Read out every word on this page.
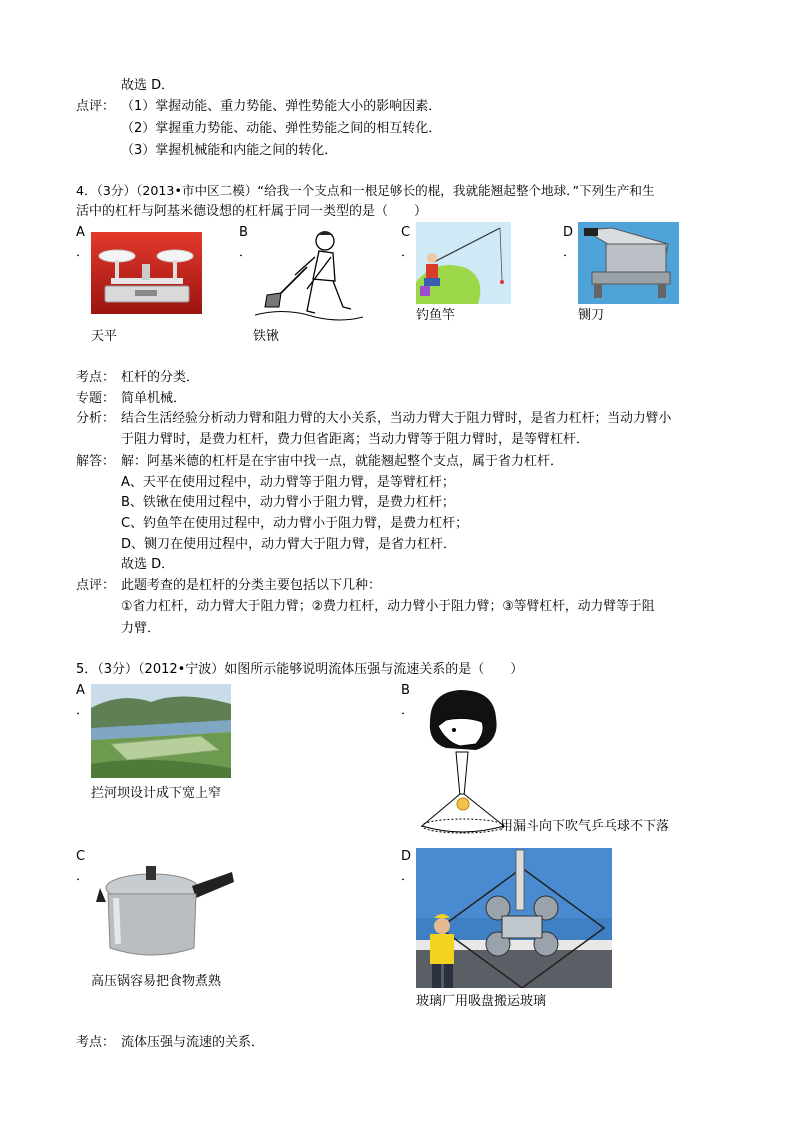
故选 D．
点评： （1）掌握动能、重力势能、弹性势能大小的影响因素．
（2）掌握重力势能、动能、弹性势能之间的相互转化．
（3）掌握机械能和内能之间的转化．
4．（3分）（2013•市中区二模）“给我一个支点和一根足够长的棍，我就能翘起整个地球．”下列生产和生
活中的杠杆与阿基米德设想的杠杆属于同一类型的是（　　）
A
．
天平
B
．
铁锹
C
．
钓鱼竿
D
．
铡刀
考点： 杠杆的分类．
专题： 简单机械．
分析： 结合生活经验分析动力臂和阻力臂的大小关系，当动力臂大于阻力臂时，是省力杠杆；当动力臂小
于阻力臂时，是费力杠杆，费力但省距离；当动力臂等于阻力臂时，是等臂杠杆．
解答： 解：阿基米德的杠杆是在宇宙中找一点，就能翘起整个支点，属于省力杠杆．
A、天平在使用过程中，动力臂等于阻力臂，是等臂杠杆；
B、铁锹在使用过程中，动力臂小于阻力臂，是费力杠杆；
C、钓鱼竿在使用过程中，动力臂小于阻力臂，是费力杠杆；
D、铡刀在使用过程中，动力臂大于阻力臂，是省力杠杆．
故选 D．
点评： 此题考查的是杠杆的分类主要包括以下几种：
①省力杠杆，动力臂大于阻力臂；②费力杠杆，动力臂小于阻力臂；③等臂杠杆，动力臂等于阻
力臂．
5．（3分）（2012•宁波）如图所示能够说明流体压强与流速关系的是（　　）
A
．
拦河坝设计成下宽上窄
B
．
用漏斗向下吹气乒乓球不下落
C
．
高压锅容易把食物煮熟
D
．
玻璃厂用吸盘搬运玻璃
考点： 流体压强与流速的关系．
